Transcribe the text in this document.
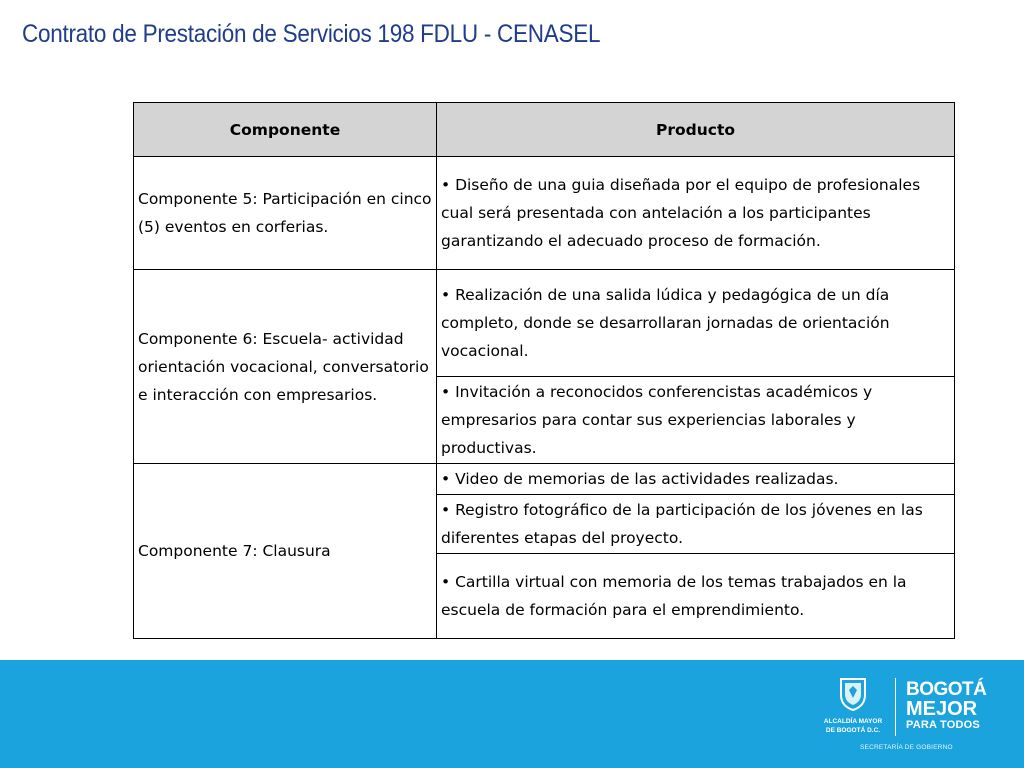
Contrato de Prestación de Servicios 198 FDLU - CENASEL
Componente	Producto
Componente 5: Participación en cinco (5) eventos en corferias.	• Diseño de una guia diseñada por el equipo de profesionales cual será presentada con antelación a los participantes garantizando el adecuado proceso de formación.
Componente 6: Escuela- actividad orientación vocacional, conversatorio e interacción con empresarios.	• Realización de una salida lúdica y pedagógica de un día completo, donde se desarrollaran jornadas de orientación vocacional.
	• Invitación a reconocidos conferencistas académicos y empresarios para contar sus experiencias laborales y productivas.
Componente 7: Clausura	• Video de memorias de las actividades realizadas.
	• Registro fotográfico de la participación de los jóvenes en las diferentes etapas del proyecto.
	• Cartilla virtual con memoria de los temas trabajados en la escuela de formación para el emprendimiento.
ALCALDÍA MAYOR
DE BOGOTÁ D.C.
BOGOTÁ
MEJOR
PARA TODOS
SECRETARÍA DE GOBIERNO
